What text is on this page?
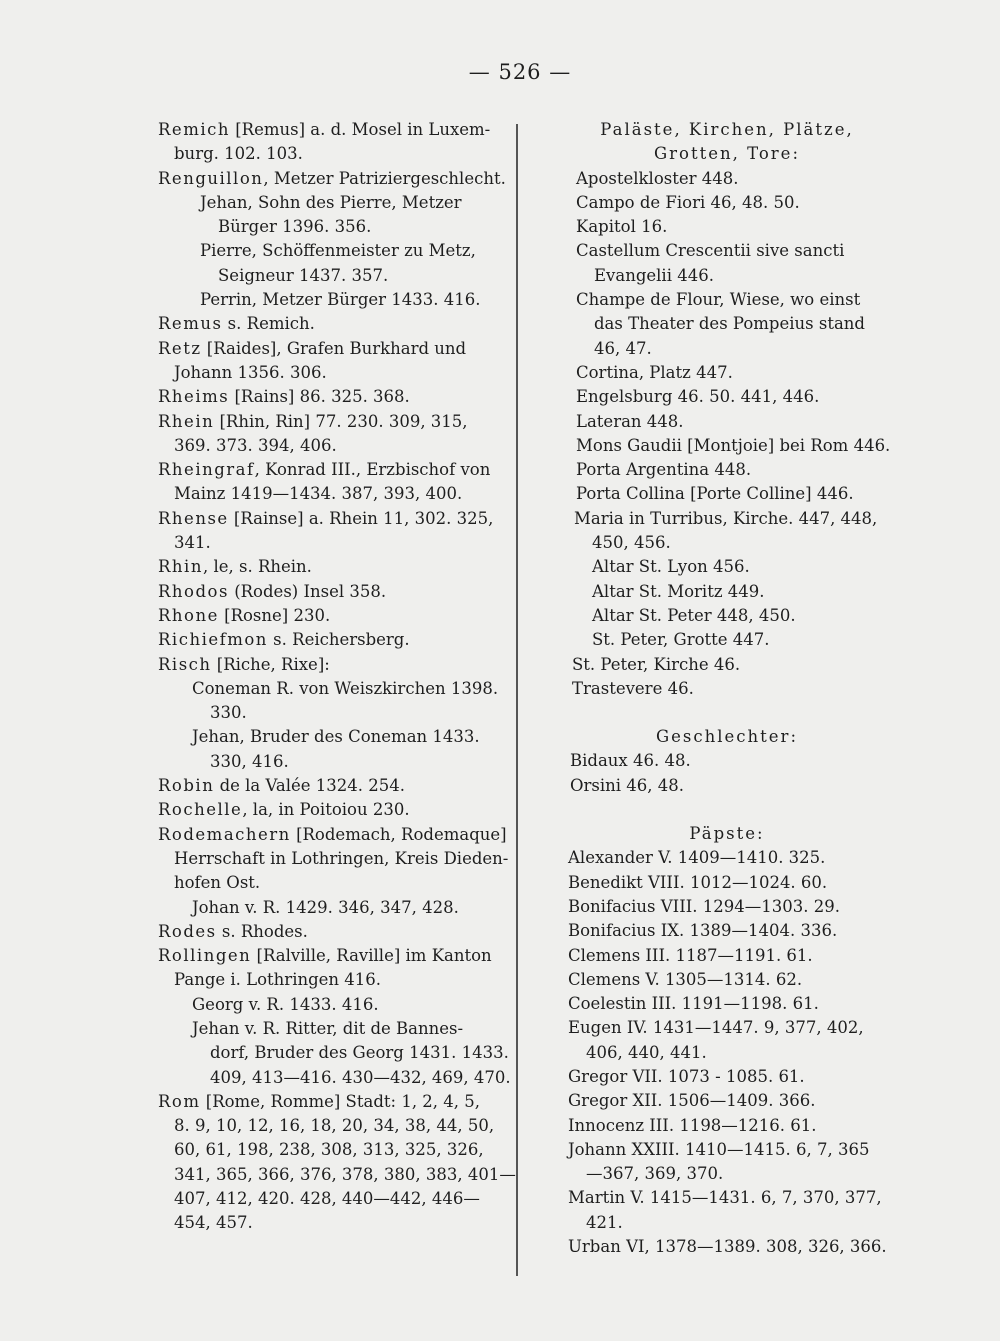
— 526 —
Remich [Remus] a. d. Mosel in Luxem-
burg. 102. 103.
Renguillon, Metzer Patriziergeschlecht.
Jehan, Sohn des Pierre, Metzer
Bürger 1396. 356.
Pierre, Schöffenmeister zu Metz,
Seigneur 1437. 357.
Perrin, Metzer Bürger 1433. 416.
Remus s. Remich.
Retz [Raides], Grafen Burkhard und
Johann 1356. 306.
Rheims [Rains] 86. 325. 368.
Rhein [Rhin, Rin] 77. 230. 309, 315,
369. 373. 394, 406.
Rheingraf, Konrad III., Erzbischof von
Mainz 1419—1434. 387, 393, 400.
Rhense [Rainse] a. Rhein 11, 302. 325,
341.
Rhin, le, s. Rhein.
Rhodos (Rodes) Insel 358.
Rhone [Rosne] 230.
Richiefmon s. Reichersberg.
Risch [Riche, Rixe]:
Coneman R. von Weiszkirchen 1398.
330.
Jehan, Bruder des Coneman 1433.
330, 416.
Robin de la Valée 1324. 254.
Rochelle, la, in Poitoiou 230.
Rodemachern [Rodemach, Rodemaque]
Herrschaft in Lothringen, Kreis Dieden-
hofen Ost.
Johan v. R. 1429. 346, 347, 428.
Rodes s. Rhodes.
Rollingen [Ralville, Raville] im Kanton
Pange i. Lothringen 416.
Georg v. R. 1433. 416.
Jehan v. R. Ritter, dit de Bannes-
dorf, Bruder des Georg 1431. 1433.
409, 413—416. 430—432, 469, 470.
Rom [Rome, Romme] Stadt: 1, 2, 4, 5,
8. 9, 10, 12, 16, 18, 20, 34, 38, 44, 50,
60, 61, 198, 238, 308, 313, 325, 326,
341, 365, 366, 376, 378, 380, 383, 401—
407, 412, 420. 428, 440—442, 446—
454, 457.
Paläste, Kirchen, Plätze,
Grotten, Tore:
Apostelkloster 448.
Campo de Fiori 46, 48. 50.
Kapitol 16.
Castellum Crescentii sive sancti
Evangelii 446.
Champe de Flour, Wiese, wo einst
das Theater des Pompeius stand
46, 47.
Cortina, Platz 447.
Engelsburg 46. 50. 441, 446.
Lateran 448.
Mons Gaudii [Montjoie] bei Rom 446.
Porta Argentina 448.
Porta Collina [Porte Colline] 446.
Maria in Turribus, Kirche. 447, 448,
450, 456.
Altar St. Lyon 456.
Altar St. Moritz 449.
Altar St. Peter 448, 450.
St. Peter, Grotte 447.
St. Peter, Kirche 46.
Trastevere 46.
Geschlechter:
Bidaux 46. 48.
Orsini 46, 48.
Päpste:
Alexander V. 1409—1410. 325.
Benedikt VIII. 1012—1024. 60.
Bonifacius VIII. 1294—1303. 29.
Bonifacius IX. 1389—1404. 336.
Clemens III. 1187—1191. 61.
Clemens V. 1305—1314. 62.
Coelestin III. 1191—1198. 61.
Eugen IV. 1431—1447. 9, 377, 402,
406, 440, 441.
Gregor VII. 1073 - 1085. 61.
Gregor XII. 1506—1409. 366.
Innocenz III. 1198—1216. 61.
Johann XXIII. 1410—1415. 6, 7, 365
—367, 369, 370.
Martin V. 1415—1431. 6, 7, 370, 377,
421.
Urban VI, 1378—1389. 308, 326, 366.
